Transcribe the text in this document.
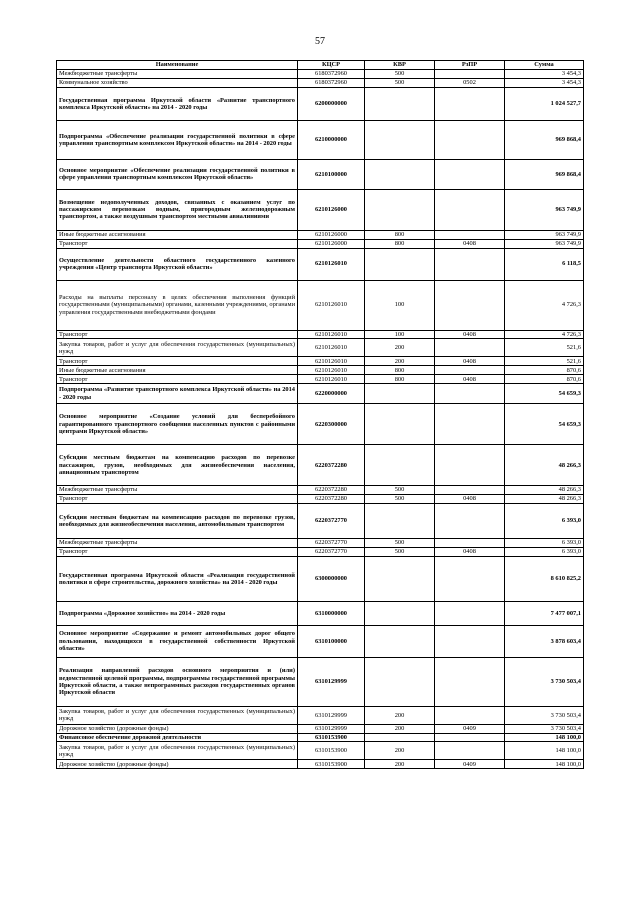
57
Наименование	КЦСР	КВР	РзПР	Сумма
Межбюджетные трансферты	6180372960	500		3 454,3
Коммунальное хозяйство	6180372960	500	0502	3 454,3
Государственная программа Иркутской области «Развитие транспортного комплекса Иркутской области» на 2014 - 2020 годы	6200000000			1 024 527,7
Подпрограмма «Обеспечение реализации государственной политики в сфере управления транспортным комплексом Иркутской области» на 2014 - 2020 годы	6210000000			969 868,4
Основное мероприятие «Обеспечение реализации государственной политики в сфере управления транспортным комплексом Иркутской области»	6210100000			969 868,4
Возмещение недополученных доходов, связанных с оказанием услуг по пассажирским перевозкам водным, пригородным железнодорожным транспортом, а также воздушным транспортом местными авиалиниями	6210126000			963 749,9
Иные бюджетные ассигнования	6210126000	800		963 749,9
Транспорт	6210126000	800	0408	963 749,9
Осуществление деятельности областного государственного казенного учреждения «Центр транспорта Иркутской области»	6210126010			6 118,5
Расходы на выплаты персоналу в целях обеспечения выполнения функций государственными (муниципальными) органами, казенными учреждениями, органами управления государственными внебюджетными фондами	6210126010	100		4 726,3
Транспорт	6210126010	100	0408	4 726,3
Закупка товаров, работ и услуг для обеспечения государственных (муниципальных) нужд	6210126010	200		521,6
Транспорт	6210126010	200	0408	521,6
Иные бюджетные ассигнования	6210126010	800		870,6
Транспорт	6210126010	800	0408	870,6
Подпрограмма «Развитие транспортного комплекса Иркутской области» на 2014 - 2020 годы	6220000000			54 659,3
Основное мероприятие «Создание условий для бесперебойного гарантированного транспортного сообщения населенных пунктов с районными центрами Иркутской области»	6220300000			54 659,3
Субсидии местным бюджетам на компенсацию расходов по перевозке пассажиров, грузов, необходимых для жизнеобеспечения населения, авиационным транспортом	6220372280			48 266,3
Межбюджетные трансферты	6220372280	500		48 266,3
Транспорт	6220372280	500	0408	48 266,3
Субсидии местным бюджетам на компенсацию расходов по перевозке грузов, необходимых для жизнеобеспечения населения, автомобильным транспортом	6220372770			6 393,0
Межбюджетные трансферты	6220372770	500		6 393,0
Транспорт	6220372770	500	0408	6 393,0
Государственная программа Иркутской области «Реализация государственной политики в сфере строительства, дорожного хозяйства» на 2014 - 2020 годы	6300000000			8 610 825,2
Подпрограмма «Дорожное хозяйство» на 2014 - 2020 годы	6310000000			7 477 007,1
Основное мероприятие «Содержание и ремонт автомобильных дорог общего пользования, находящихся в государственной собственности Иркутской области»	6310100000			3 878 603,4
Реализация направлений расходов основного мероприятия и (или) ведомственной целевой программы, подпрограммы государственной программы Иркутской области, а также непрограммных расходов государственных органов Иркутской области	6310129999			3 730 503,4
Закупка товаров, работ и услуг для обеспечения государственных (муниципальных) нужд	6310129999	200		3 730 503,4
Дорожное хозяйство (дорожные фонды)	6310129999	200	0409	3 730 503,4
Финансовое обеспечение дорожной деятельности	6310153900			148 100,0
Закупка товаров, работ и услуг для обеспечения государственных (муниципальных) нужд	6310153900	200		148 100,0
Дорожное хозяйство (дорожные фонды)	6310153900	200	0409	148 100,0
